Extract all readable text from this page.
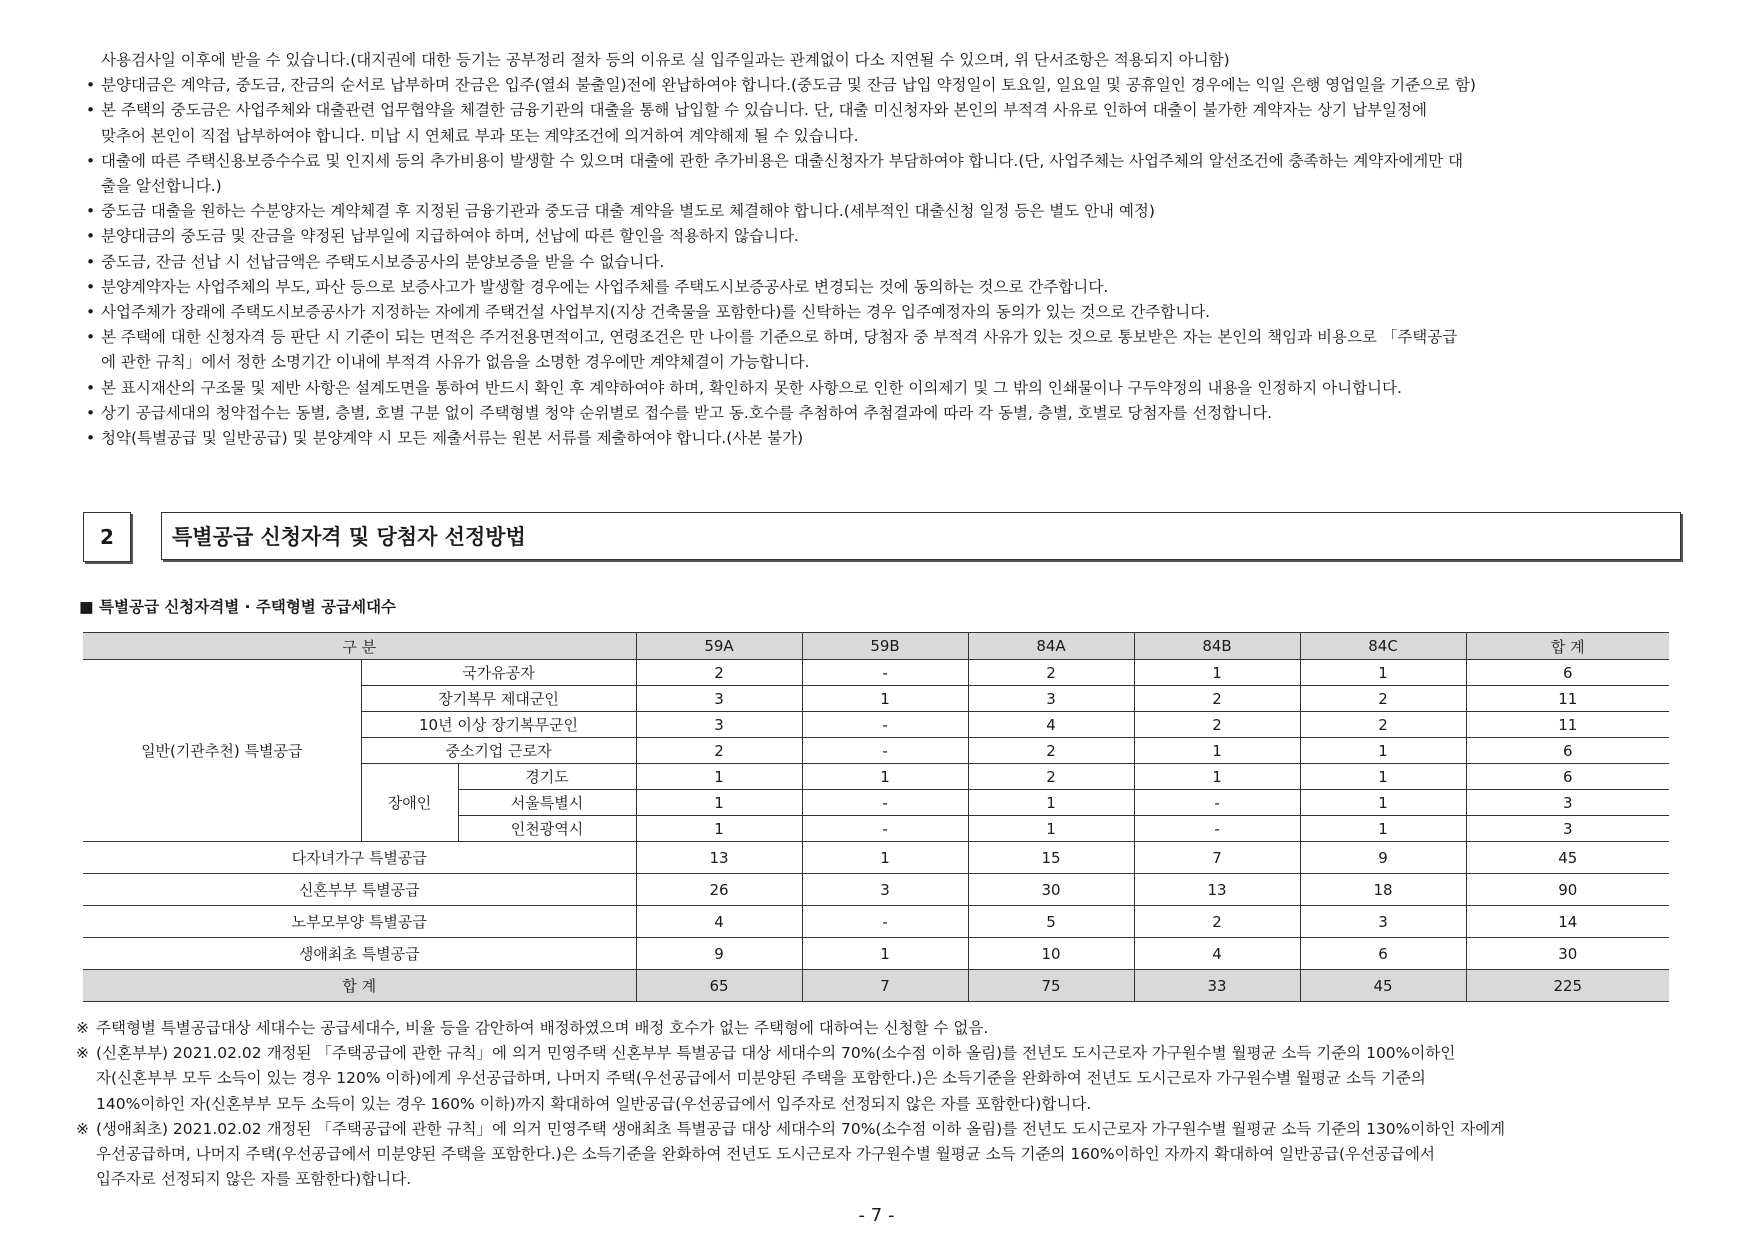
사용검사일 이후에 받을 수 있습니다.(대지권에 대한 등기는 공부정리 절차 등의 이유로 실 입주일과는 관계없이 다소 지연될 수 있으며, 위 단서조항은 적용되지 아니함)
• 분양대금은 계약금, 중도금, 잔금의 순서로 납부하며 잔금은 입주(열쇠 불출일)전에 완납하여야 합니다.(중도금 및 잔금 납입 약정일이 토요일, 일요일 및 공휴일인 경우에는 익일 은행 영업일을 기준으로 함)
• 본 주택의 중도금은 사업주체와 대출관련 업무협약을 체결한 금융기관의 대출을 통해 납입할 수 있습니다. 단, 대출 미신청자와 본인의 부적격 사유로 인하여 대출이 불가한 계약자는 상기 납부일정에
맞추어 본인이 직접 납부하여야 합니다. 미납 시 연체료 부과 또는 계약조건에 의거하여 계약해제 될 수 있습니다.
• 대출에 따른 주택신용보증수수료 및 인지세 등의 추가비용이 발생할 수 있으며 대출에 관한 추가비용은 대출신청자가 부담하여야 합니다.(단, 사업주체는 사업주체의 알선조건에 충족하는 계약자에게만 대
출을 알선합니다.)
• 중도금 대출을 원하는 수분양자는 계약체결 후 지정된 금융기관과 중도금 대출 계약을 별도로 체결해야 합니다.(세부적인 대출신청 일정 등은 별도 안내 예정)
• 분양대금의 중도금 및 잔금을 약정된 납부일에 지급하여야 하며, 선납에 따른 할인을 적용하지 않습니다.
• 중도금, 잔금 선납 시 선납금액은 주택도시보증공사의 분양보증을 받을 수 없습니다.
• 분양계약자는 사업주체의 부도, 파산 등으로 보증사고가 발생할 경우에는 사업주체를 주택도시보증공사로 변경되는 것에 동의하는 것으로 간주합니다.
• 사업주체가 장래에 주택도시보증공사가 지정하는 자에게 주택건설 사업부지(지상 건축물을 포함한다)를 신탁하는 경우 입주예정자의 동의가 있는 것으로 간주합니다.
• 본 주택에 대한 신청자격 등 판단 시 기준이 되는 면적은 주거전용면적이고, 연령조건은 만 나이를 기준으로 하며, 당첨자 중 부적격 사유가 있는 것으로 통보받은 자는 본인의 책임과 비용으로 「주택공급
에 관한 규칙」에서 정한 소명기간 이내에 부적격 사유가 없음을 소명한 경우에만 계약체결이 가능합니다.
• 본 표시재산의 구조물 및 제반 사항은 설계도면을 통하여 반드시 확인 후 계약하여야 하며, 확인하지 못한 사항으로 인한 이의제기 및 그 밖의 인쇄물이나 구두약정의 내용을 인정하지 아니합니다.
• 상기 공급세대의 청약접수는 동별, 층별, 호별 구분 없이 주택형별 청약 순위별로 접수를 받고 동.호수를 추첨하여 추첨결과에 따라 각 동별, 층별, 호별로 당첨자를 선정합니다.
• 청약(특별공급 및 일반공급) 및 분양계약 시 모든 제출서류는 원본 서류를 제출하여야 합니다.(사본 불가)
2	특별공급 신청자격 및 당첨자 선정방법
■ 특별공급 신청자격별 · 주택형별 공급세대수
구 분			59A	59B	84A	84B	84C	합 계
일반(기관추천) 특별공급	국가유공자		2	-	2	1	1	6
	장기복무 제대군인		3	1	3	2	2	11
	10년 이상 장기복무군인		3	-	4	2	2	11
	중소기업 근로자		2	-	2	1	1	6
	장애인	경기도	1	1	2	1	1	6
		서울특별시	1	-	1	-	1	3
		인천광역시	1	-	1	-	1	3
다자녀가구 특별공급			13	1	15	7	9	45
신혼부부 특별공급			26	3	30	13	18	90
노부모부양 특별공급			4	-	5	2	3	14
생애최초 특별공급			9	1	10	4	6	30
합 계			65	7	75	33	45	225
※ 주택형별 특별공급대상 세대수는 공급세대수, 비율 등을 감안하여 배정하였으며 배정 호수가 없는 주택형에 대하여는 신청할 수 없음.
※ (신혼부부) 2021.02.02 개정된 「주택공급에 관한 규칙」에 의거 민영주택 신혼부부 특별공급 대상 세대수의 70%(소수점 이하 올림)를 전년도 도시근로자 가구원수별 월평균 소득 기준의 100%이하인
자(신혼부부 모두 소득이 있는 경우 120% 이하)에게 우선공급하며, 나머지 주택(우선공급에서 미분양된 주택을 포함한다.)은 소득기준을 완화하여 전년도 도시근로자 가구원수별 월평균 소득 기준의
140%이하인 자(신혼부부 모두 소득이 있는 경우 160% 이하)까지 확대하여 일반공급(우선공급에서 입주자로 선정되지 않은 자를 포함한다)합니다.
※ (생애최초) 2021.02.02 개정된 「주택공급에 관한 규칙」에 의거 민영주택 생애최초 특별공급 대상 세대수의 70%(소수점 이하 올림)를 전년도 도시근로자 가구원수별 월평균 소득 기준의 130%이하인 자에게
우선공급하며, 나머지 주택(우선공급에서 미분양된 주택을 포함한다.)은 소득기준을 완화하여 전년도 도시근로자 가구원수별 월평균 소득 기준의 160%이하인 자까지 확대하여 일반공급(우선공급에서
입주자로 선정되지 않은 자를 포함한다)합니다.
- 7 -
